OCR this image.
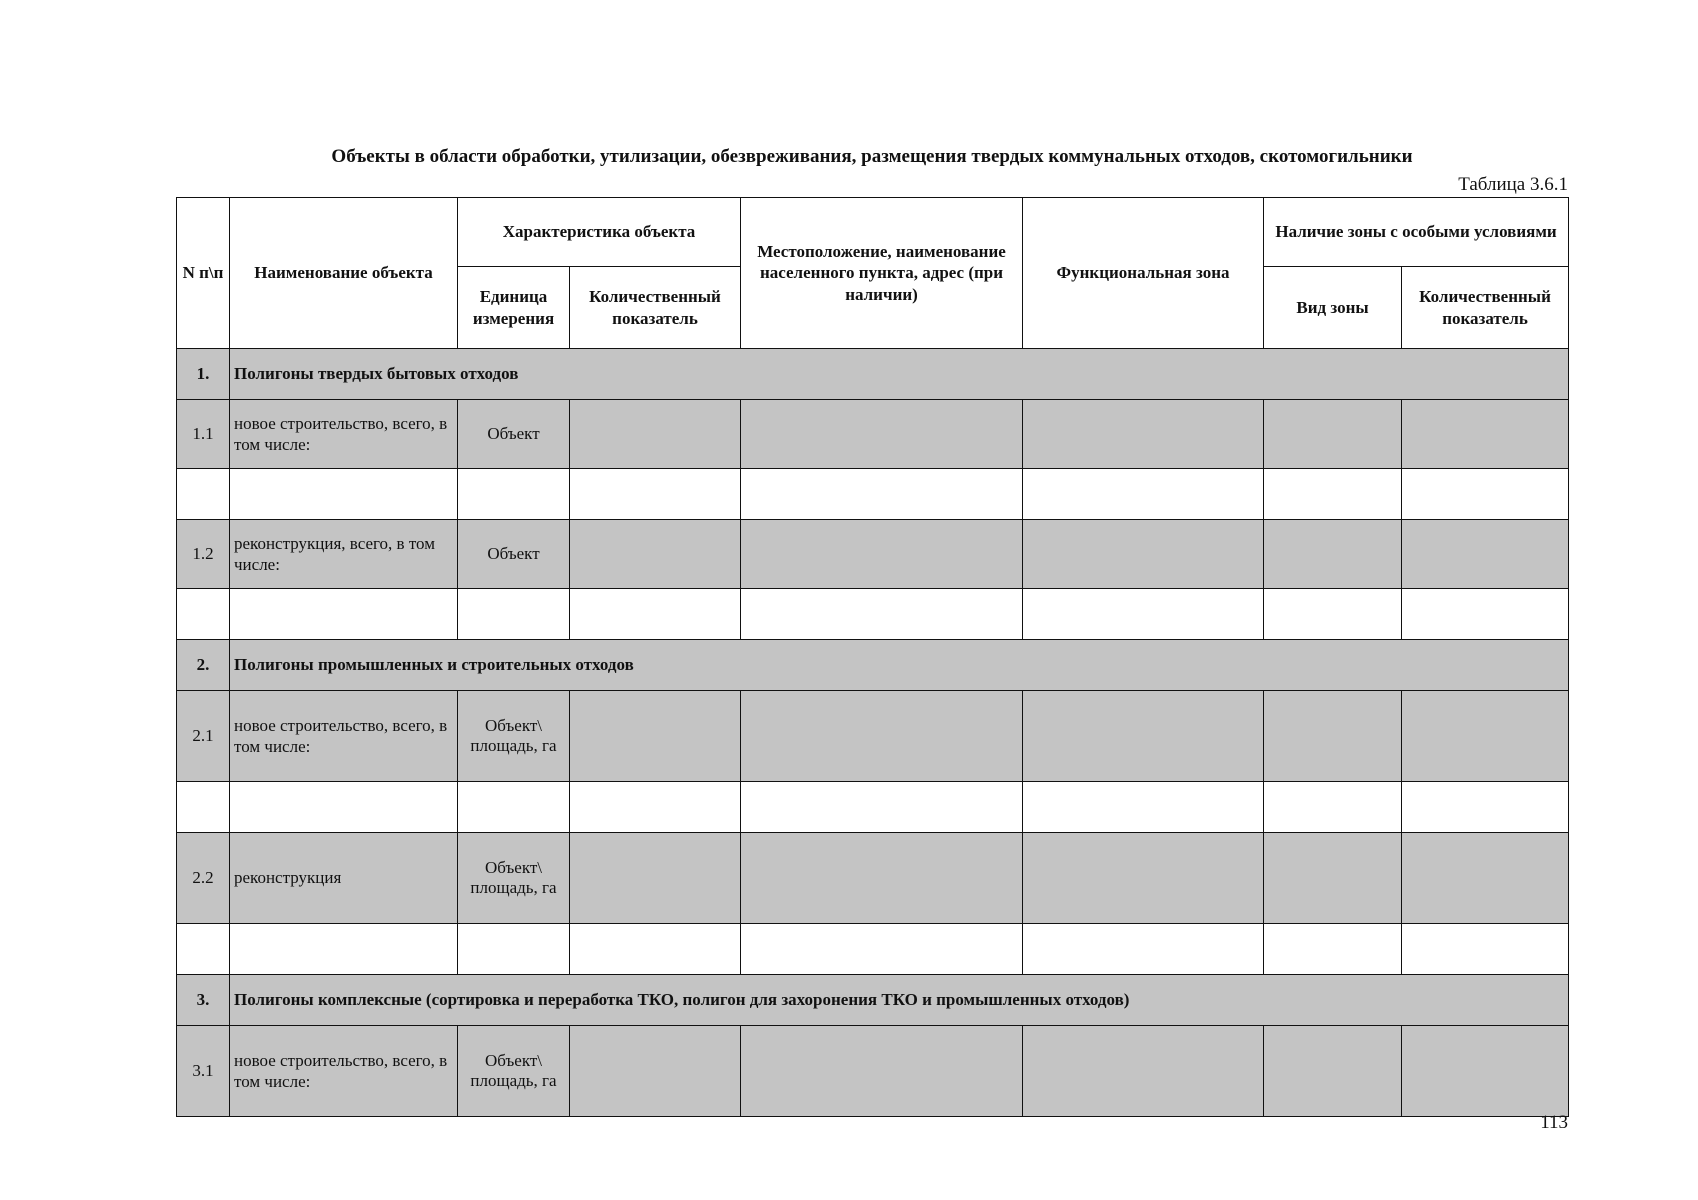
Объекты в области обработки, утилизации, обезвреживания, размещения твердых коммунальных отходов, скотомогильники
Таблица 3.6.1
N п\п	Наименование объекта	Характеристика объекта		Местоположение, наименование населенного пункта, адрес (при наличии)	Функциональная зона	Наличие зоны с особыми условиями	
		Единица измерения	Количественный показатель			Вид зоны	Количественный показатель
1.	Полигоны твердых бытовых отходов						
1.1	новое строительство, всего, в том числе:	Объект					

1.2	реконструкция, всего, в том числе:	Объект					

2.	Полигоны промышленных и строительных отходов						
2.1	новое строительство, всего, в том числе:	Объект\ площадь, га					

2.2	реконструкция	Объект\ площадь, га					

3.	Полигоны комплексные (сортировка и переработка ТКО, полигон для захоронения ТКО и промышленных отходов)						
3.1	новое строительство, всего, в том числе:	Объект\ площадь, га					
113
